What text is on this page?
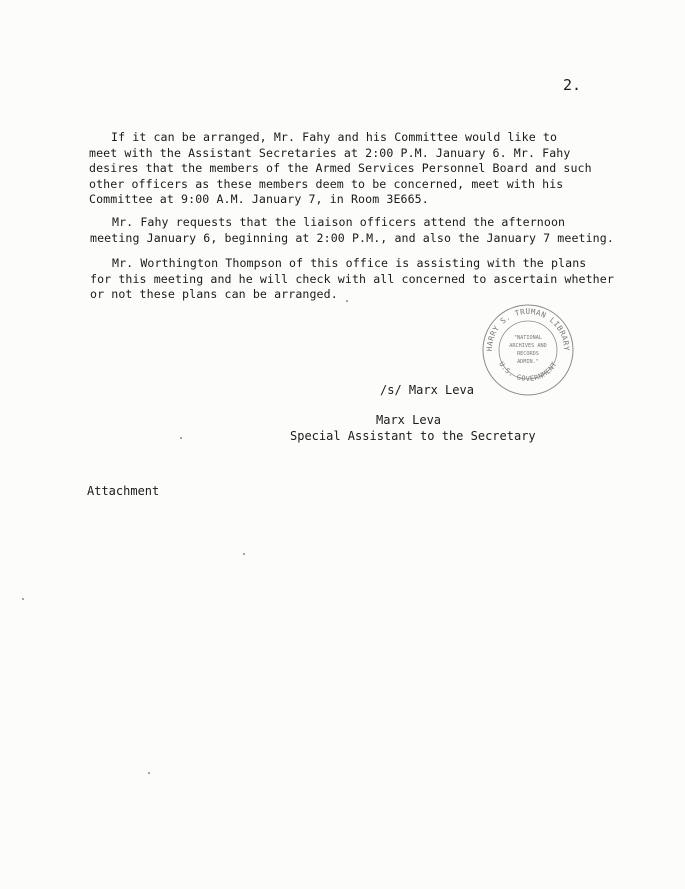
2.
If it can be arranged, Mr. Fahy and his Committee would like to
meet with the Assistant Secretaries at 2:00 P.M. January 6. Mr. Fahy
desires that the members of the Armed Services Personnel Board and such
other officers as these members deem to be concerned, meet with his
Committee at 9:00 A.M. January 7, in Room 3E665.
Mr. Fahy requests that the liaison officers attend the afternoon
meeting January 6, beginning at 2:00 P.M., and also the January 7 meeting.
Mr. Worthington Thompson of this office is assisting with the plans
for this meeting and he will check with all concerned to ascertain whether
or not these plans can be arranged.
HARRY S. TRUMAN LIBRARY
U.S. GOVERNMENT
"NATIONAL
ARCHIVES AND
RECORDS
ADMIN."
/s/ Marx Leva
Marx Leva
Special Assistant to the Secretary
Attachment
